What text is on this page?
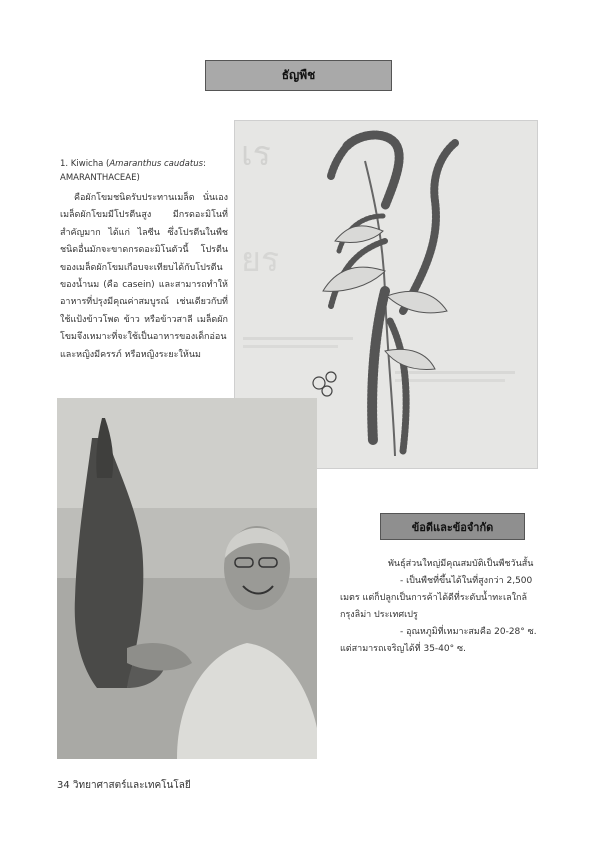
ธัญพืช
1. Kiwicha (Amaranthus caudatus: AMARANTHACEAE)
คือผักโขมชนิดรับประทานเมล็ด นั่นเอง เมล็ดผักโขมมีโปรตีนสูง มีกรดอะมิโนที่สำคัญมาก ได้แก่ ไลซีน ซึ่งโปรตีนในพืชชนิดอื่นมักจะขาดกรดอะมิโนตัวนี้ โปรตีนของเมล็ดผักโขมเกือบจะเทียบได้กับโปรตีนของน้ำนม (คือ casein) และสามารถทำให้อาหารที่ปรุงมีคุณค่าสมบูรณ์ เช่นเดียวกับที่ใช้แป้งข้าวโพด ข้าว หรือข้าวสาลี เมล็ดผักโขมจึงเหมาะที่จะใช้เป็นอาหารของเด็กอ่อนและหญิงมีครรภ์ หรือหญิงระยะให้นม
เร
ยร
ข้อดีและข้อจำกัด

พันธุ์ส่วนใหญ่มีคุณสมบัติเป็นพืชวันสั้น

- เป็นพืชที่ขึ้นได้ในที่สูงกว่า 2,500 เมตร แต่ก็ปลูกเป็นการค้าได้ดีที่ระดับน้ำทะเลใกล้กรุงลิม่า ประเทศเปรู

- อุณหภูมิที่เหมาะสมคือ 20-28° ซ. แต่สามารถเจริญได้ที่ 35-40° ซ.

34 วิทยาศาสตร์และเทคโนโลยี
